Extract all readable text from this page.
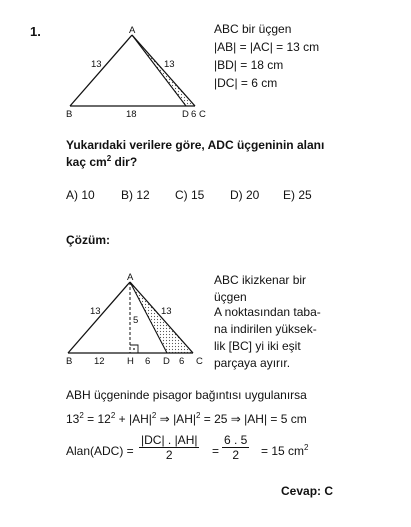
1.	A
B	D C
13	13
18	6
ABC bir üçgen
|AB| = |AC| = 13 cm
|BD| = 18 cm
|DC| = 6 cm
Yukarıdaki verilere göre, ADC üçgeninin alanı
kaç $cm^2$ dir?
A) 10 B) 12 C) 15 D) 20 E) 25
Çözüm:
A
B	H	D	C
13	13
5
12	6	6
ABC ikizkenar bir
üçgen
A noktasından taba-
na indirilen yüksek-
lik [BC] yi iki eşit
parçaya ayırır.
ABH üçgeninde pisagor bağıntısı uygulanırsa
$13^2 = 12^2 + |AH|^2$ ⇒ $|AH|^2 = 25$ ⇒ |AH| = 5 cm
Alan(ADC) = $\frac{|DC| . |AH|}{2} = \frac{6 . 5}{2} = 15$ $cm^2$
Cevap: C
